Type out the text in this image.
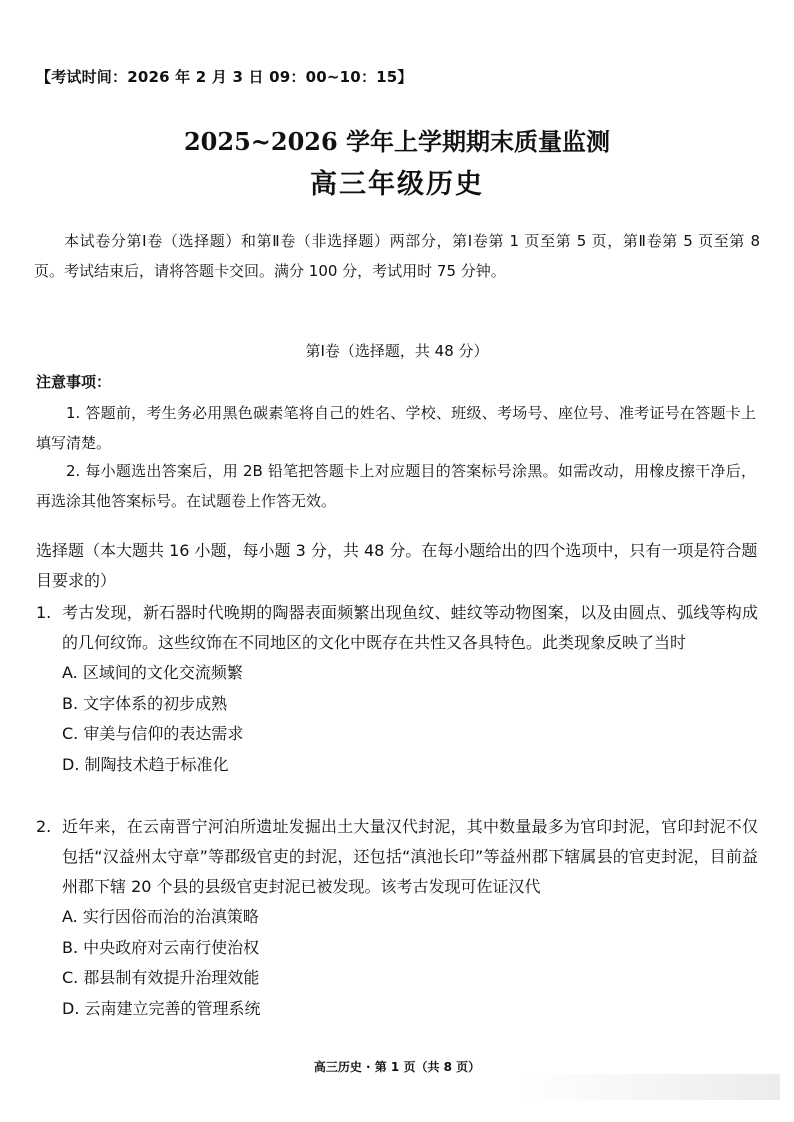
【考试时间：2026 年 2 月 3 日 09：00~10：15】
2025~2026 学年上学期期末质量监测
高三年级历史
本试卷分第Ⅰ卷（选择题）和第Ⅱ卷（非选择题）两部分，第Ⅰ卷第 1 页至第 5 页，第Ⅱ卷第 5 页至第 8 页。考试结束后，请将答题卡交回。满分 100 分，考试用时 75 分钟。
第Ⅰ卷（选择题，共 48 分）
注意事项：
1. 答题前，考生务必用黑色碳素笔将自己的姓名、学校、班级、考场号、座位号、准考证号在答题卡上填写清楚。
2. 每小题选出答案后，用 2B 铅笔把答题卡上对应题目的答案标号涂黑。如需改动，用橡皮擦干净后，再选涂其他答案标号。在试题卷上作答无效。
选择题（本大题共 16 小题，每小题 3 分，共 48 分。在每小题给出的四个选项中，只有一项是符合题目要求的）
1. 考古发现，新石器时代晚期的陶器表面频繁出现鱼纹、蛙纹等动物图案，以及由圆点、弧线等构成的几何纹饰。这些纹饰在不同地区的文化中既存在共性又各具特色。此类现象反映了当时
A. 区域间的文化交流频繁
B. 文字体系的初步成熟
C. 审美与信仰的表达需求
D. 制陶技术趋于标准化
2. 近年来，在云南晋宁河泊所遗址发掘出土大量汉代封泥，其中数量最多为官印封泥，官印封泥不仅包括“汉益州太守章”等郡级官吏的封泥，还包括“滇池长印”等益州郡下辖属县的官吏封泥，目前益州郡下辖 20 个县的县级官吏封泥已被发现。该考古发现可佐证汉代
A. 实行因俗而治的治滇策略
B. 中央政府对云南行使治权
C. 郡县制有效提升治理效能
D. 云南建立完善的管理系统
高三历史 · 第 1 页（共 8 页）
